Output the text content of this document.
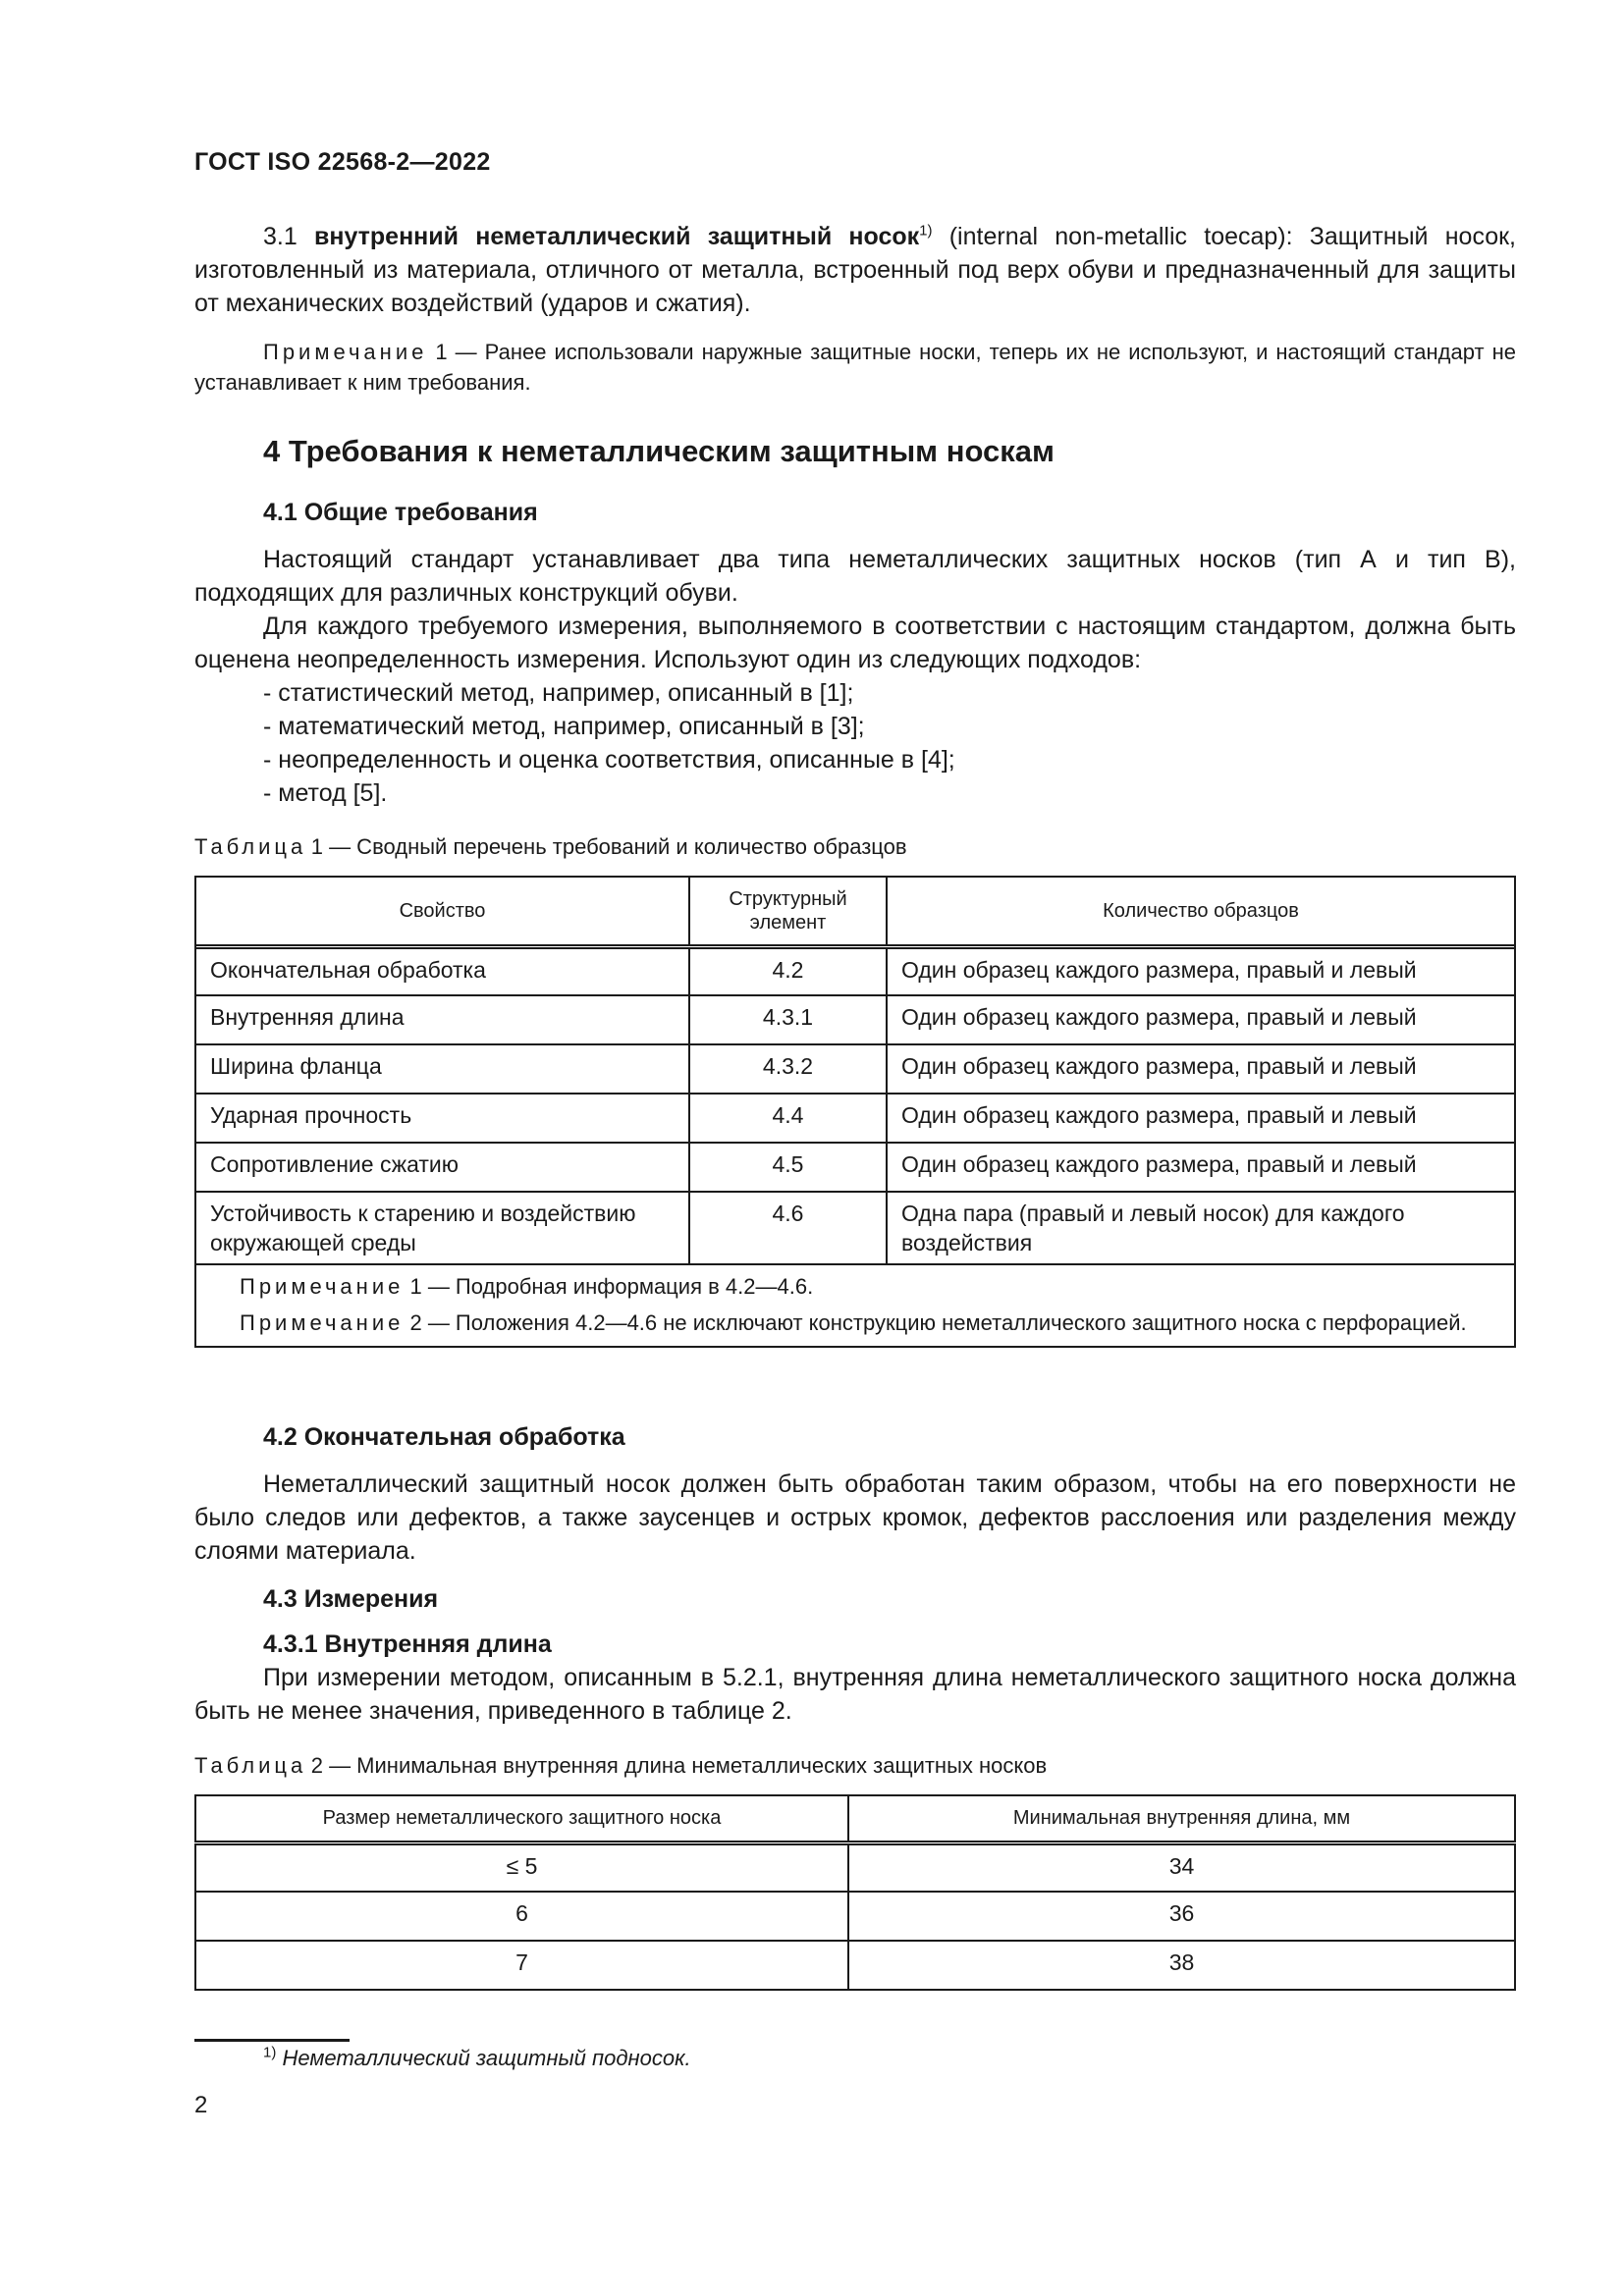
ГОСТ ISO 22568-2—2022

3.1 внутренний неметаллический защитный носок$^{1)}$ (internal non-metallic toecap): Защитный носок, изготовленный из материала, отличного от металла, встроенный под верх обуви и предназначенный для защиты от механических воздействий (ударов и сжатия).

Примечание 1 — Ранее использовали наружные защитные носки, теперь их не используют, и настоящий стандарт не устанавливает к ним требования.

4 Требования к неметаллическим защитным носкам
4.1 Общие требования

Настоящий стандарт устанавливает два типа неметаллических защитных носков (тип А и тип В), подходящих для различных конструкций обуви.

Для каждого требуемого измерения, выполняемого в соответствии с настоящим стандартом, должна быть оценена неопределенность измерения. Используют один из следующих подходов:

- статистический метод, например, описанный в [1];
- математический метод, например, описанный в [3];
- неопределенность и оценка соответствия, описанные в [4];
- метод [5].
Таблица 1 — Сводный перечень требований и количество образцов
Свойство	Структурный элемент	Количество образцов
Окончательная обработка	4.2	Один образец каждого размера, правый и левый
Внутренняя длина	4.3.1	Один образец каждого размера, правый и левый
Ширина фланца	4.3.2	Один образец каждого размера, правый и левый
Ударная прочность	4.4	Один образец каждого размера, правый и левый
Сопротивление сжатию	4.5	Один образец каждого размера, правый и левый
Устойчивость к старению и воздействию окружающей среды	4.6	Одна пара (правый и левый носок) для каждого воздействия

Примечание 1 — Подробная информация в 4.2—4.6.

Примечание 2 — Положения 4.2—4.6 не исключают конструкцию неметаллического защитного носка с перфорацией.

4.2 Окончательная обработка

Неметаллический защитный носок должен быть обработан таким образом, чтобы на его поверхности не было следов или дефектов, а также заусенцев и острых кромок, дефектов расслоения или разделения между слоями материала.

4.3 Измерения
4.3.1 Внутренняя длина

При измерении методом, описанным в 5.2.1, внутренняя длина неметаллического защитного носка должна быть не менее значения, приведенного в таблице 2.

Таблица 2 — Минимальная внутренняя длина неметаллических защитных носков
Размер неметаллического защитного носка	Минимальная внутренняя длина, мм
≤ 5	34
6	36
7	38
$^{1)}$ Неметаллический защитный подносок.
2
